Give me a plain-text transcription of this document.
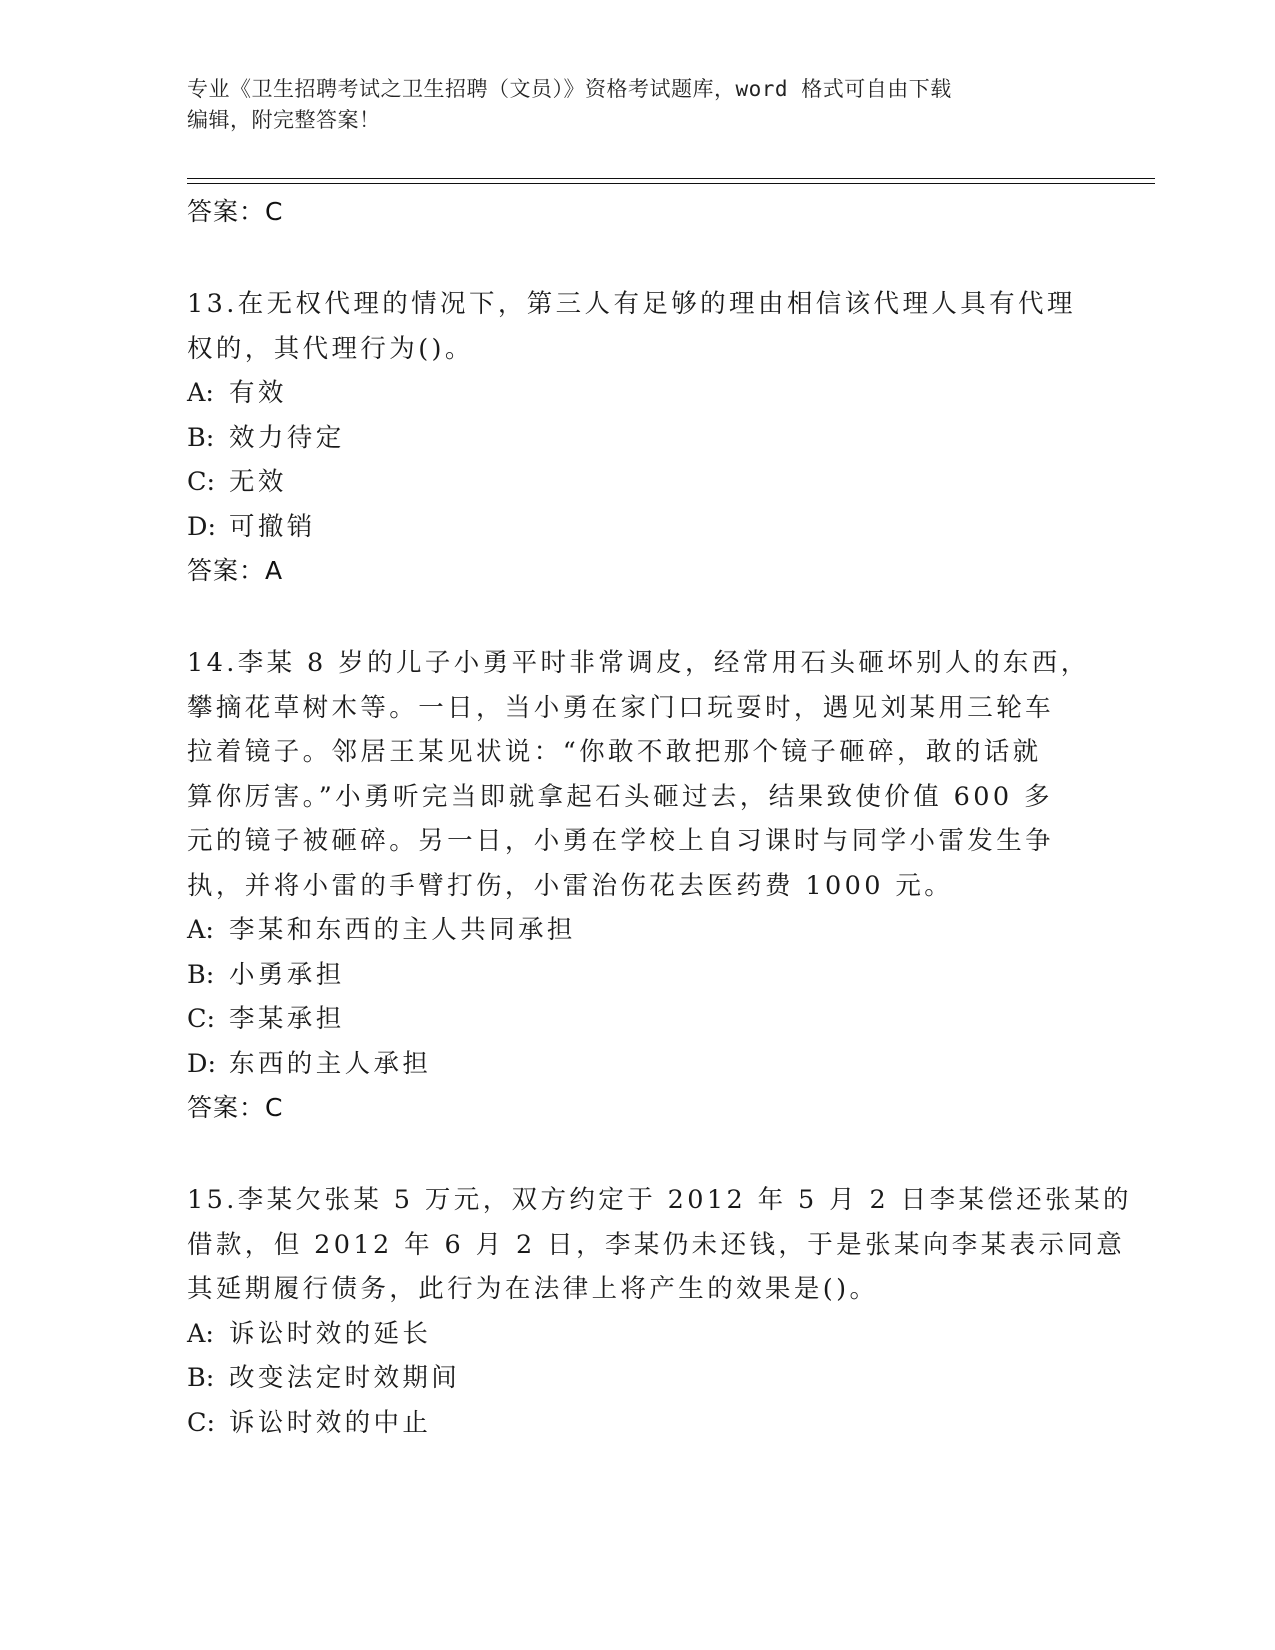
专业《卫生招聘考试之卫生招聘（文员）》资格考试题库，word 格式可自由下载
编辑，附完整答案！
答案：C
13.在无权代理的情况下，第三人有足够的理由相信该代理人具有代理
权的，其代理行为()。
A: 有效
B: 效力待定
C: 无效
D: 可撤销
答案：A
14.李某 8 岁的儿子小勇平时非常调皮，经常用石头砸坏别人的东西，
攀摘花草树木等。一日，当小勇在家门口玩耍时，遇见刘某用三轮车
拉着镜子。邻居王某见状说：“你敢不敢把那个镜子砸碎，敢的话就
算你厉害。”小勇听完当即就拿起石头砸过去，结果致使价值 600 多
元的镜子被砸碎。另一日，小勇在学校上自习课时与同学小雷发生争
执，并将小雷的手臂打伤，小雷治伤花去医药费 1000 元。
A: 李某和东西的主人共同承担
B: 小勇承担
C: 李某承担
D: 东西的主人承担
答案：C
15.李某欠张某 5 万元，双方约定于 2012 年 5 月 2 日李某偿还张某的
借款，但 2012 年 6 月 2 日，李某仍未还钱，于是张某向李某表示同意
其延期履行债务，此行为在法律上将产生的效果是()。
A: 诉讼时效的延长
B: 改变法定时效期间
C: 诉讼时效的中止
